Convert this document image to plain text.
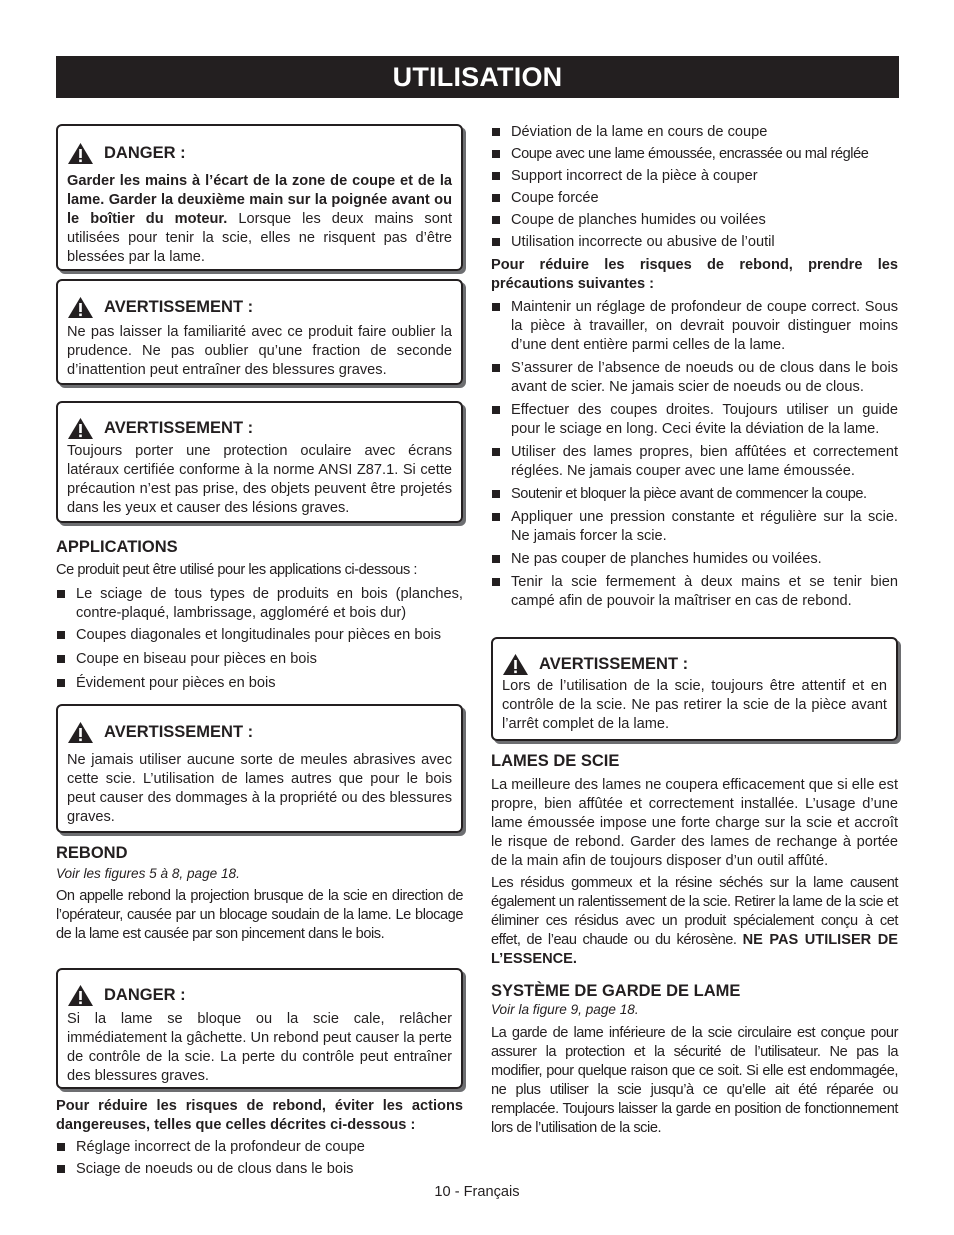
UTILISATION
DANGER :
Garder les mains à l’écart de la zone de coupe et de la lame. Garder la deuxième main sur la poignée avant ou le boîtier du moteur. Lorsque les deux mains sont utilisées pour tenir la scie, elles ne risquent pas d’être blessées par la lame.
AVERTISSEMENT :
Ne pas laisser la familiarité avec ce produit faire oublier la prudence. Ne pas oublier qu’une fraction de seconde d’inattention peut entraîner des blessures graves.
AVERTISSEMENT :
Toujours porter une protection oculaire avec écrans latéraux certifiée conforme à la norme ANSI Z87.1. Si cette précaution n’est pas prise, des objets peuvent être projetés dans les yeux et causer des lésions graves.
APPLICATIONS
Ce produit peut être utilisé pour les applications ci-dessous :
Le sciage de tous types de produits en bois (planches, contre-plaqué, lambrissage, aggloméré et bois dur)
Coupes diagonales et longitudinales pour pièces en bois
Coupe en biseau pour pièces en bois
Évidement pour pièces en bois
AVERTISSEMENT :
Ne jamais utiliser aucune sorte de meules abrasives avec cette scie. L’utilisation de lames autres que pour le bois peut causer des dommages à la propriété ou des blessures graves.
REBOND
Voir les figures 5 à 8, page 18.
On appelle rebond la projection brusque de la scie en direction de l’opérateur, causée par un blocage soudain de la lame. Le blocage de la lame est causée par son pincement dans le bois.
DANGER :
Si la lame se bloque ou la scie cale, relâcher immédiatement la gâchette. Un rebond peut causer la perte de contrôle de la scie. La perte du contrôle peut entraîner des blessures graves.
Pour réduire les risques de rebond, éviter les actions dangereuses, telles que celles décrites ci-dessous :
Réglage incorrect de la profondeur de coupe
Sciage de noeuds ou de clous dans le bois
Déviation de la lame en cours de coupe
Coupe avec une lame émoussée, encrassée ou mal réglée
Support incorrect de la pièce à couper
Coupe forcée
Coupe de planches humides ou voilées
Utilisation incorrecte ou abusive de l’outil
Pour réduire les risques de rebond, prendre les précautions suivantes :
Maintenir un réglage de profondeur de coupe correct. Sous la pièce à travailler, on devrait pouvoir distinguer moins d’une dent entière parmi celles de la lame.
S’assurer de l’absence de noeuds ou de clous dans le bois avant de scier. Ne jamais scier de noeuds ou de clous.
Effectuer des coupes droites. Toujours utiliser un guide pour le sciage en long. Ceci évite la déviation de la lame.
Utiliser des lames propres, bien affûtées et correctement réglées. Ne jamais couper avec une lame émoussée.
Soutenir et bloquer la pièce avant de commencer la coupe.
Appliquer une pression constante et régulière sur la scie. Ne jamais forcer la scie.
Ne pas couper de planches humides ou voilées.
Tenir la scie fermement à deux mains et se tenir bien campé afin de pouvoir la maîtriser en cas de rebond.
AVERTISSEMENT :
Lors de l’utilisation de la scie, toujours être attentif et en contrôle de la scie. Ne pas retirer la scie de la pièce avant l’arrêt complet de la lame.
LAMES DE SCIE
La meilleure des lames ne coupera efficacement que si elle est propre, bien affûtée et correctement installée. L’usage d’une lame émoussée impose une forte charge sur la scie et accroît le risque de rebond. Garder des lames de rechange à portée de la main afin de toujours disposer d’un outil affûté.
Les résidus gommeux et la résine séchés sur la lame causent également un ralentissement de la scie. Retirer la lame de la scie et éliminer ces résidus avec un produit spécialement conçu à cet effet, de l’eau chaude ou du kérosène. NE PAS UTILISER DE L’ESSENCE.
SYSTÈME DE GARDE DE LAME
Voir la figure 9, page 18.
La garde de lame inférieure de la scie circulaire est conçue pour assurer la protection et la sécurité de l’utilisateur. Ne pas la modifier, pour quelque raison que ce soit. Si elle est endommagée, ne plus utiliser la scie jusqu’à ce qu’elle ait été réparée ou remplacée. Toujours laisser la garde en position de fonctionnement lors de l’utilisation de la scie.
10 - Français
